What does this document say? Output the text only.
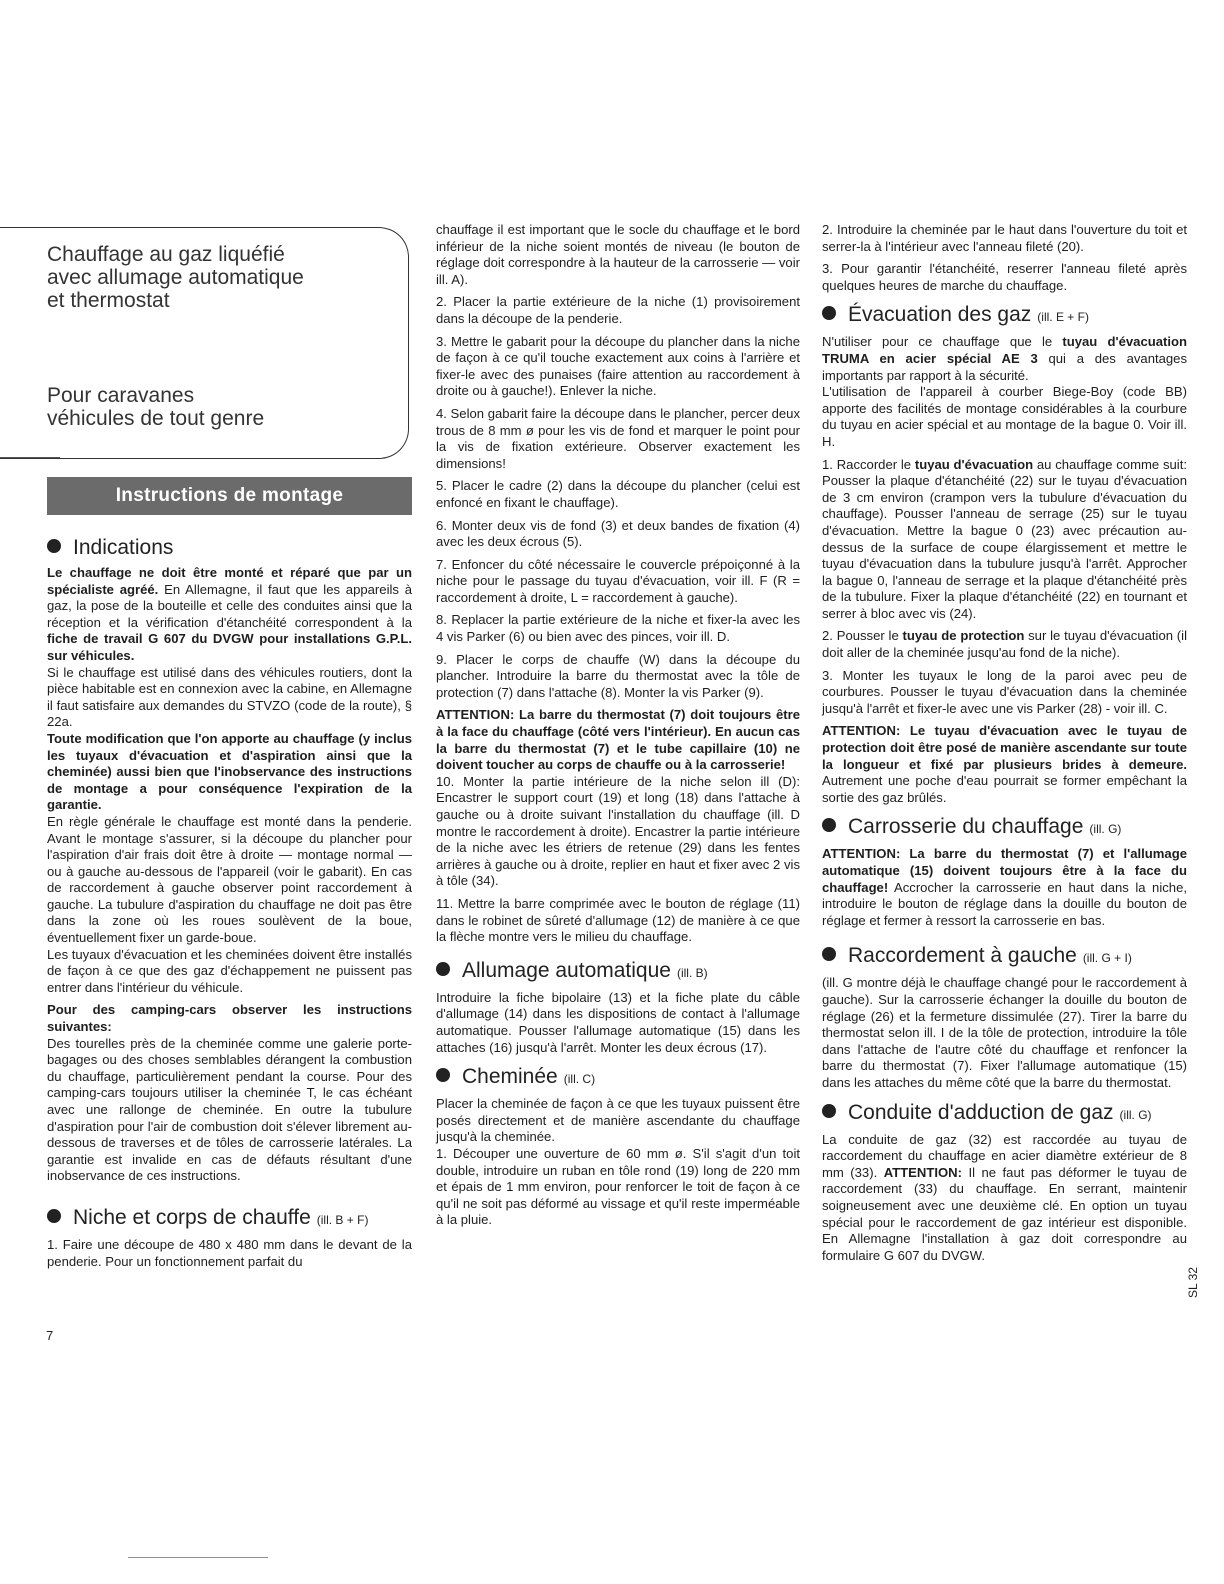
Chauffage au gaz liquéfié
avec allumage automatique
et thermostat
Pour caravanes
véhicules de tout genre
Instructions de montage
Indications

Le chauffage ne doit être monté et réparé que par un spécialiste agréé. En Allemagne, il faut que les appareils à gaz, la pose de la bouteille et celle des conduites ainsi que la réception et la vérification d'étanchéité correspondent à la fiche de travail G 607 du DVGW pour installations G.P.L. sur véhicules.

Si le chauffage est utilisé dans des véhicules routiers, dont la pièce habitable est en connexion avec la cabine, en Allemagne il faut satisfaire aux demandes du STVZO (code de la route), § 22a.

Toute modification que l'on apporte au chauffage (y inclus les tuyaux d'évacuation et d'aspiration ainsi que la cheminée) aussi bien que l'inobservance des instructions de montage a pour conséquence l'expiration de la garantie.

En règle générale le chauffage est monté dans la penderie. Avant le montage s'assurer, si la découpe du plancher pour l'aspiration d'air frais doit être à droite — montage normal — ou à gauche au-dessous de l'appareil (voir le gabarit). En cas de raccordement à gauche observer point raccordement à gauche. La tubulure d'aspiration du chauffage ne doit pas être dans la zone où les roues soulèvent de la boue, éventuellement fixer un garde-boue.

Les tuyaux d'évacuation et les cheminées doivent être installés de façon à ce que des gaz d'échappement ne puissent pas entrer dans l'intérieur du véhicule.

Pour des camping-cars observer les instructions suivantes:

Des tourelles près de la cheminée comme une galerie porte-bagages ou des choses semblables dérangent la combustion du chauffage, particulièrement pendant la course. Pour des camping-cars toujours utiliser la cheminée T, le cas échéant avec une rallonge de cheminée. En outre la tubulure d'aspiration pour l'air de combustion doit s'élever librement au-dessous de traverses et de tôles de carrosserie latérales. La garantie est invalide en cas de défauts résultant d'une inobservance de ces instructions.

Niche et corps de chauffe (ill. B + F)

1. Faire une découpe de 480 x 480 mm dans le devant de la penderie. Pour un fonctionnement parfait du

chauffage il est important que le socle du chauffage et le bord inférieur de la niche soient montés de niveau (le bouton de réglage doit correspondre à la hauteur de la carrosserie — voir ill. A).

2. Placer la partie extérieure de la niche (1) provisoirement dans la découpe de la penderie.

3. Mettre le gabarit pour la découpe du plancher dans la niche de façon à ce qu'il touche exactement aux coins à l'arrière et fixer-le avec des punaises (faire attention au raccordement à droite ou à gauche!). Enlever la niche.

4. Selon gabarit faire la découpe dans le plancher, percer deux trous de 8 mm ø pour les vis de fond et marquer le point pour la vis de fixation extérieure. Observer exactement les dimensions!

5. Placer le cadre (2) dans la découpe du plancher (celui est enfoncé en fixant le chauffage).

6. Monter deux vis de fond (3) et deux bandes de fixation (4) avec les deux écrous (5).

7. Enfoncer du côté nécessaire le couvercle prépoiçonné à la niche pour le passage du tuyau d'évacuation, voir ill. F (R = raccordement à droite, L = raccordement à gauche).

8. Replacer la partie extérieure de la niche et fixer-la avec les 4 vis Parker (6) ou bien avec des pinces, voir ill. D.

9. Placer le corps de chauffe (W) dans la découpe du plancher. Introduire la barre du thermostat avec la tôle de protection (7) dans l'attache (8). Monter la vis Parker (9).

ATTENTION: La barre du thermostat (7) doit toujours être à la face du chauffage (côté vers l'intérieur). En aucun cas la barre du thermostat (7) et le tube capillaire (10) ne doivent toucher au corps de chauffe ou à la carrosserie!

10. Monter la partie intérieure de la niche selon ill (D): Encastrer le support court (19) et long (18) dans l'attache à gauche ou à droite suivant l'installation du chauffage (ill. D montre le raccordement à droite). Encastrer la partie intérieure de la niche avec les étriers de retenue (29) dans les fentes arrières à gauche ou à droite, replier en haut et fixer avec 2 vis à tôle (34).

11. Mettre la barre comprimée avec le bouton de réglage (11) dans le robinet de sûreté d'allumage (12) de manière à ce que la flèche montre vers le milieu du chauffage.

Allumage automatique (ill. B)

Introduire la fiche bipolaire (13) et la fiche plate du câble d'allumage (14) dans les dispositions de contact à l'allumage automatique. Pousser l'allumage automatique (15) dans les attaches (16) jusqu'à l'arrêt. Monter les deux écrous (17).

Cheminée (ill. C)

Placer la cheminée de façon à ce que les tuyaux puissent être posés directement et de manière ascendante du chauffage jusqu'à la cheminée.

1. Découper une ouverture de 60 mm ø. S'il s'agit d'un toit double, introduire un ruban en tôle rond (19) long de 220 mm et épais de 1 mm environ, pour renforcer le toit de façon à ce qu'il ne soit pas déformé au vissage et qu'il reste imperméable à la pluie.

2. Introduire la cheminée par le haut dans l'ouverture du toit et serrer-la à l'intérieur avec l'anneau fileté (20).

3. Pour garantir l'étanchéité, reserrer l'anneau fileté après quelques heures de marche du chauffage.

Évacuation des gaz (ill. E + F)

N'utiliser pour ce chauffage que le tuyau d'évacuation TRUMA en acier spécial AE 3 qui a des avantages importants par rapport à la sécurité.

L'utilisation de l'appareil à courber Biege-Boy (code BB) apporte des facilités de montage considérables à la courbure du tuyau en acier spécial et au montage de la bague 0. Voir ill. H.

1. Raccorder le tuyau d'évacuation au chauffage comme suit: Pousser la plaque d'étanchéité (22) sur le tuyau d'évacuation de 3 cm environ (crampon vers la tubulure d'évacuation du chauffage). Pousser l'anneau de serrage (25) sur le tuyau d'évacuation. Mettre la bague 0 (23) avec précaution au-dessus de la surface de coupe élargissement et mettre le tuyau d'évacuation dans la tubulure jusqu'à l'arrêt. Approcher la bague 0, l'anneau de serrage et la plaque d'étanchéité près de la tubulure. Fixer la plaque d'étanchéité (22) en tournant et serrer à bloc avec vis (24).

2. Pousser le tuyau de protection sur le tuyau d'évacuation (il doit aller de la cheminée jusqu'au fond de la niche).

3. Monter les tuyaux le long de la paroi avec peu de courbures. Pousser le tuyau d'évacuation dans la cheminée jusqu'à l'arrêt et fixer-le avec une vis Parker (28) - voir ill. C.

ATTENTION: Le tuyau d'évacuation avec le tuyau de protection doit être posé de manière ascendante sur toute la longueur et fixé par plusieurs brides à demeure. Autrement une poche d'eau pourrait se former empêchant la sortie des gaz brûlés.

Carrosserie du chauffage (ill. G)

ATTENTION: La barre du thermostat (7) et l'allumage automatique (15) doivent toujours être à la face du chauffage! Accrocher la carrosserie en haut dans la niche, introduire le bouton de réglage dans la douille du bouton de réglage et fermer à ressort la carrosserie en bas.

Raccordement à gauche (ill. G + I)

(ill. G montre déjà le chauffage changé pour le raccordement à gauche). Sur la carrosserie échanger la douille du bouton de réglage (26) et la fermeture dissimulée (27). Tirer la barre du thermostat selon ill. I de la tôle de protection, introduire la tôle dans l'attache de l'autre côté du chauffage et renfoncer la barre du thermostat (7). Fixer l'allumage automatique (15) dans les attaches du même côté que la barre du thermostat.

Conduite d'adduction de gaz (ill. G)

La conduite de gaz (32) est raccordée au tuyau de raccordement du chauffage en acier diamètre extérieur de 8 mm (33). ATTENTION: Il ne faut pas déformer le tuyau de raccordement (33) du chauffage. En serrant, maintenir soigneusement avec une deuxième clé. En option un tuyau spécial pour le raccordement de gaz intérieur est disponible. En Allemagne l'installation à gaz doit correspondre au formulaire G 607 du DVGW.

7
SL 32
